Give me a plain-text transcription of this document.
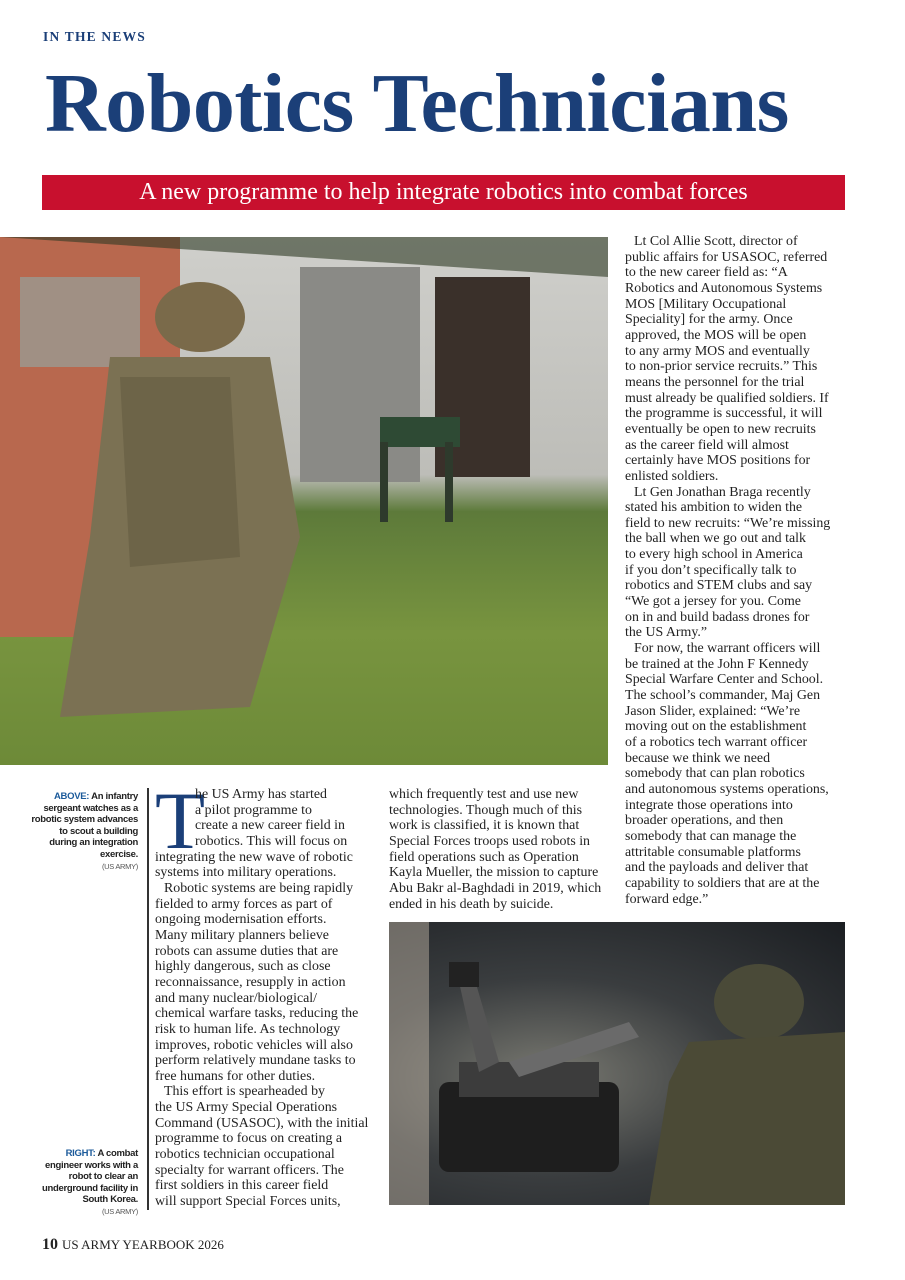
IN THE NEWS
Robotics Technicians
A new programme to help integrate robotics into combat forces
Lt Col Allie Scott, director of
public affairs for USASOC, referred
to the new career field as: “A
Robotics and Autonomous Systems
MOS [Military Occupational
Speciality] for the army. Once
approved, the MOS will be open
to any army MOS and eventually
to non-prior service recruits.” This
means the personnel for the trial
must already be qualified soldiers. If
the programme is successful, it will
eventually be open to new recruits
as the career field will almost
certainly have MOS positions for
enlisted soldiers.
Lt Gen Jonathan Braga recently
stated his ambition to widen the
field to new recruits: “We’re missing
the ball when we go out and talk
to every high school in America
if you don’t specifically talk to
robotics and STEM clubs and say
“We got a jersey for you. Come
on in and build badass drones for
the US Army.”
For now, the warrant officers will
be trained at the John F Kennedy
Special Warfare Center and School.
The school’s commander, Maj Gen
Jason Slider, explained: “We’re
moving out on the establishment
of a robotics tech warrant officer
because we think we need
somebody that can plan robotics
and autonomous systems operations,
integrate those operations into
broader operations, and then
somebody that can manage the
attritable consumable platforms
and the payloads and deliver that
capability to soldiers that are at the
forward edge.”
ABOVE: An infantry sergeant watches as a robotic system advances to scout a building during an integration exercise.
(US ARMY)
RIGHT: A combat engineer works with a robot to clear an underground facility in South Korea.
(US ARMY)
T
he US Army has started
a pilot programme to
create a new career field in
robotics. This will focus on
integrating the new wave of robotic
systems into military operations.
Robotic systems are being rapidly
fielded to army forces as part of
ongoing modernisation efforts.
Many military planners believe
robots can assume duties that are
highly dangerous, such as close
reconnaissance, resupply in action
and many nuclear/biological/
chemical warfare tasks, reducing the
risk to human life. As technology
improves, robotic vehicles will also
perform relatively mundane tasks to
free humans for other duties.
This effort is spearheaded by
the US Army Special Operations
Command (USASOC), with the initial
programme to focus on creating a
robotics technician occupational
specialty for warrant officers. The
first soldiers in this career field
will support Special Forces units,
which frequently test and use new
technologies. Though much of this
work is classified, it is known that
Special Forces troops used robots in
field operations such as Operation
Kayla Mueller, the mission to capture
Abu Bakr al-Baghdadi in 2019, which
ended in his death by suicide.
10 US ARMY YEARBOOK 2026
